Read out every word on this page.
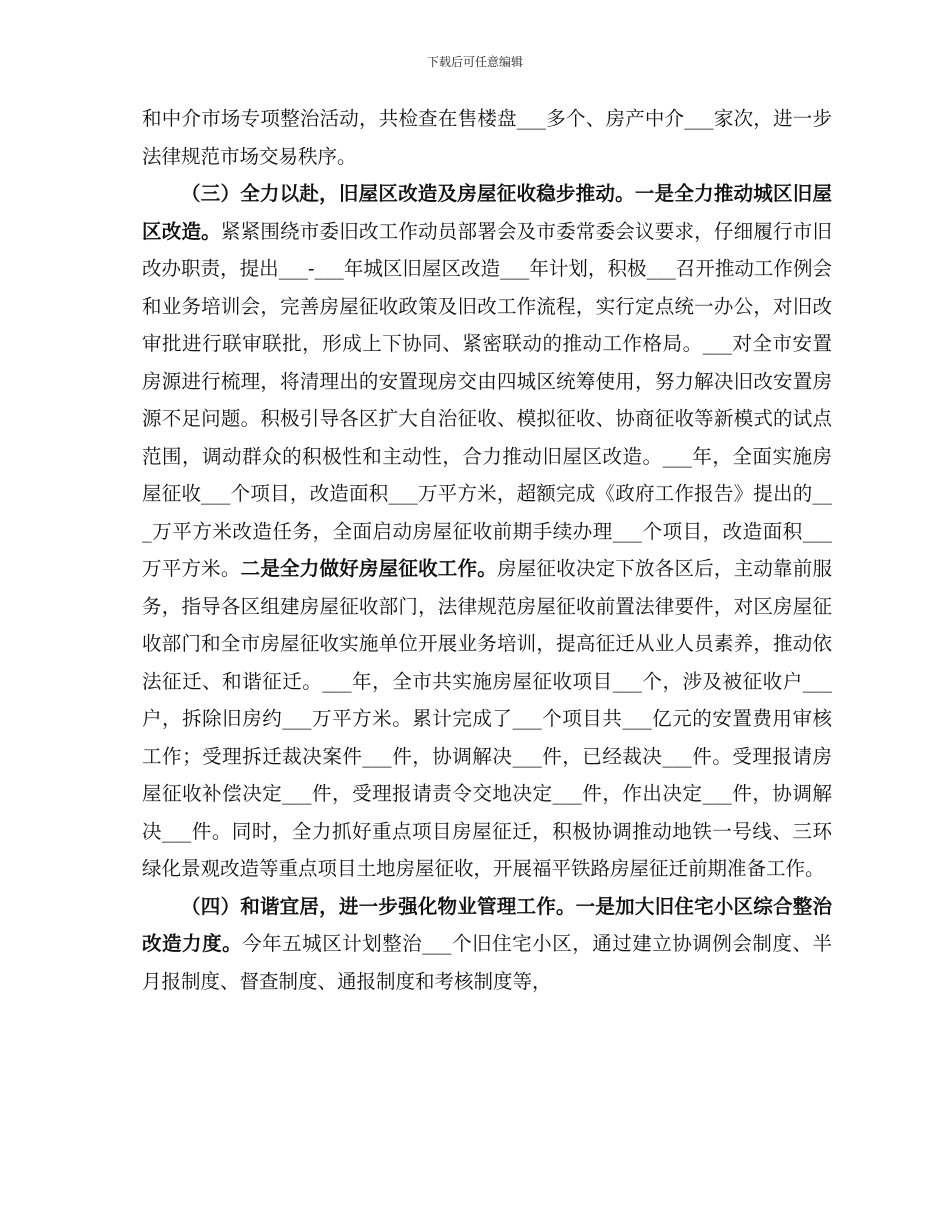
下载后可任意编辑

和中介市场专项整治活动，共检查在售楼盘___多个、房产中介___家次，进一步法律规范市场交易秩序。

（三）全力以赴，旧屋区改造及房屋征收稳步推动。一是全力推动城区旧屋区改造。紧紧围绕市委旧改工作动员部署会及市委常委会议要求，仔细履行市旧改办职责，提出___-___年城区旧屋区改造___年计划，积极___召开推动工作例会和业务培训会，完善房屋征收政策及旧改工作流程，实行定点统一办公，对旧改审批进行联审联批，形成上下协同、紧密联动的推动工作格局。___对全市安置房源进行梳理，将清理出的安置现房交由四城区统筹使用，努力解决旧改安置房源不足问题。积极引导各区扩大自治征收、模拟征收、协商征收等新模式的试点范围，调动群众的积极性和主动性，合力推动旧屋区改造。___年，全面实施房屋征收___个项目，改造面积___万平方米，超额完成《政府工作报告》提出的___万平方米改造任务，全面启动房屋征收前期手续办理___个项目，改造面积___万平方米。二是全力做好房屋征收工作。房屋征收决定下放各区后，主动靠前服务，指导各区组建房屋征收部门，法律规范房屋征收前置法律要件，对区房屋征收部门和全市房屋征收实施单位开展业务培训，提高征迁从业人员素养，推动依法征迁、和谐征迁。___年，全市共实施房屋征收项目___个，涉及被征收户___户，拆除旧房约___万平方米。累计完成了___个项目共___亿元的安置费用审核工作；受理拆迁裁决案件___件，协调解决___件，已经裁决___件。受理报请房屋征收补偿决定___件，受理报请责令交地决定___件，作出决定___件，协调解决___件。同时，全力抓好重点项目房屋征迁，积极协调推动地铁一号线、三环绿化景观改造等重点项目土地房屋征收，开展福平铁路房屋征迁前期准备工作。

（四）和谐宜居，进一步强化物业管理工作。一是加大旧住宅小区综合整治改造力度。今年五城区计划整治___个旧住宅小区，通过建立协调例会制度、半月报制度、督查制度、通报制度和考核制度等，
